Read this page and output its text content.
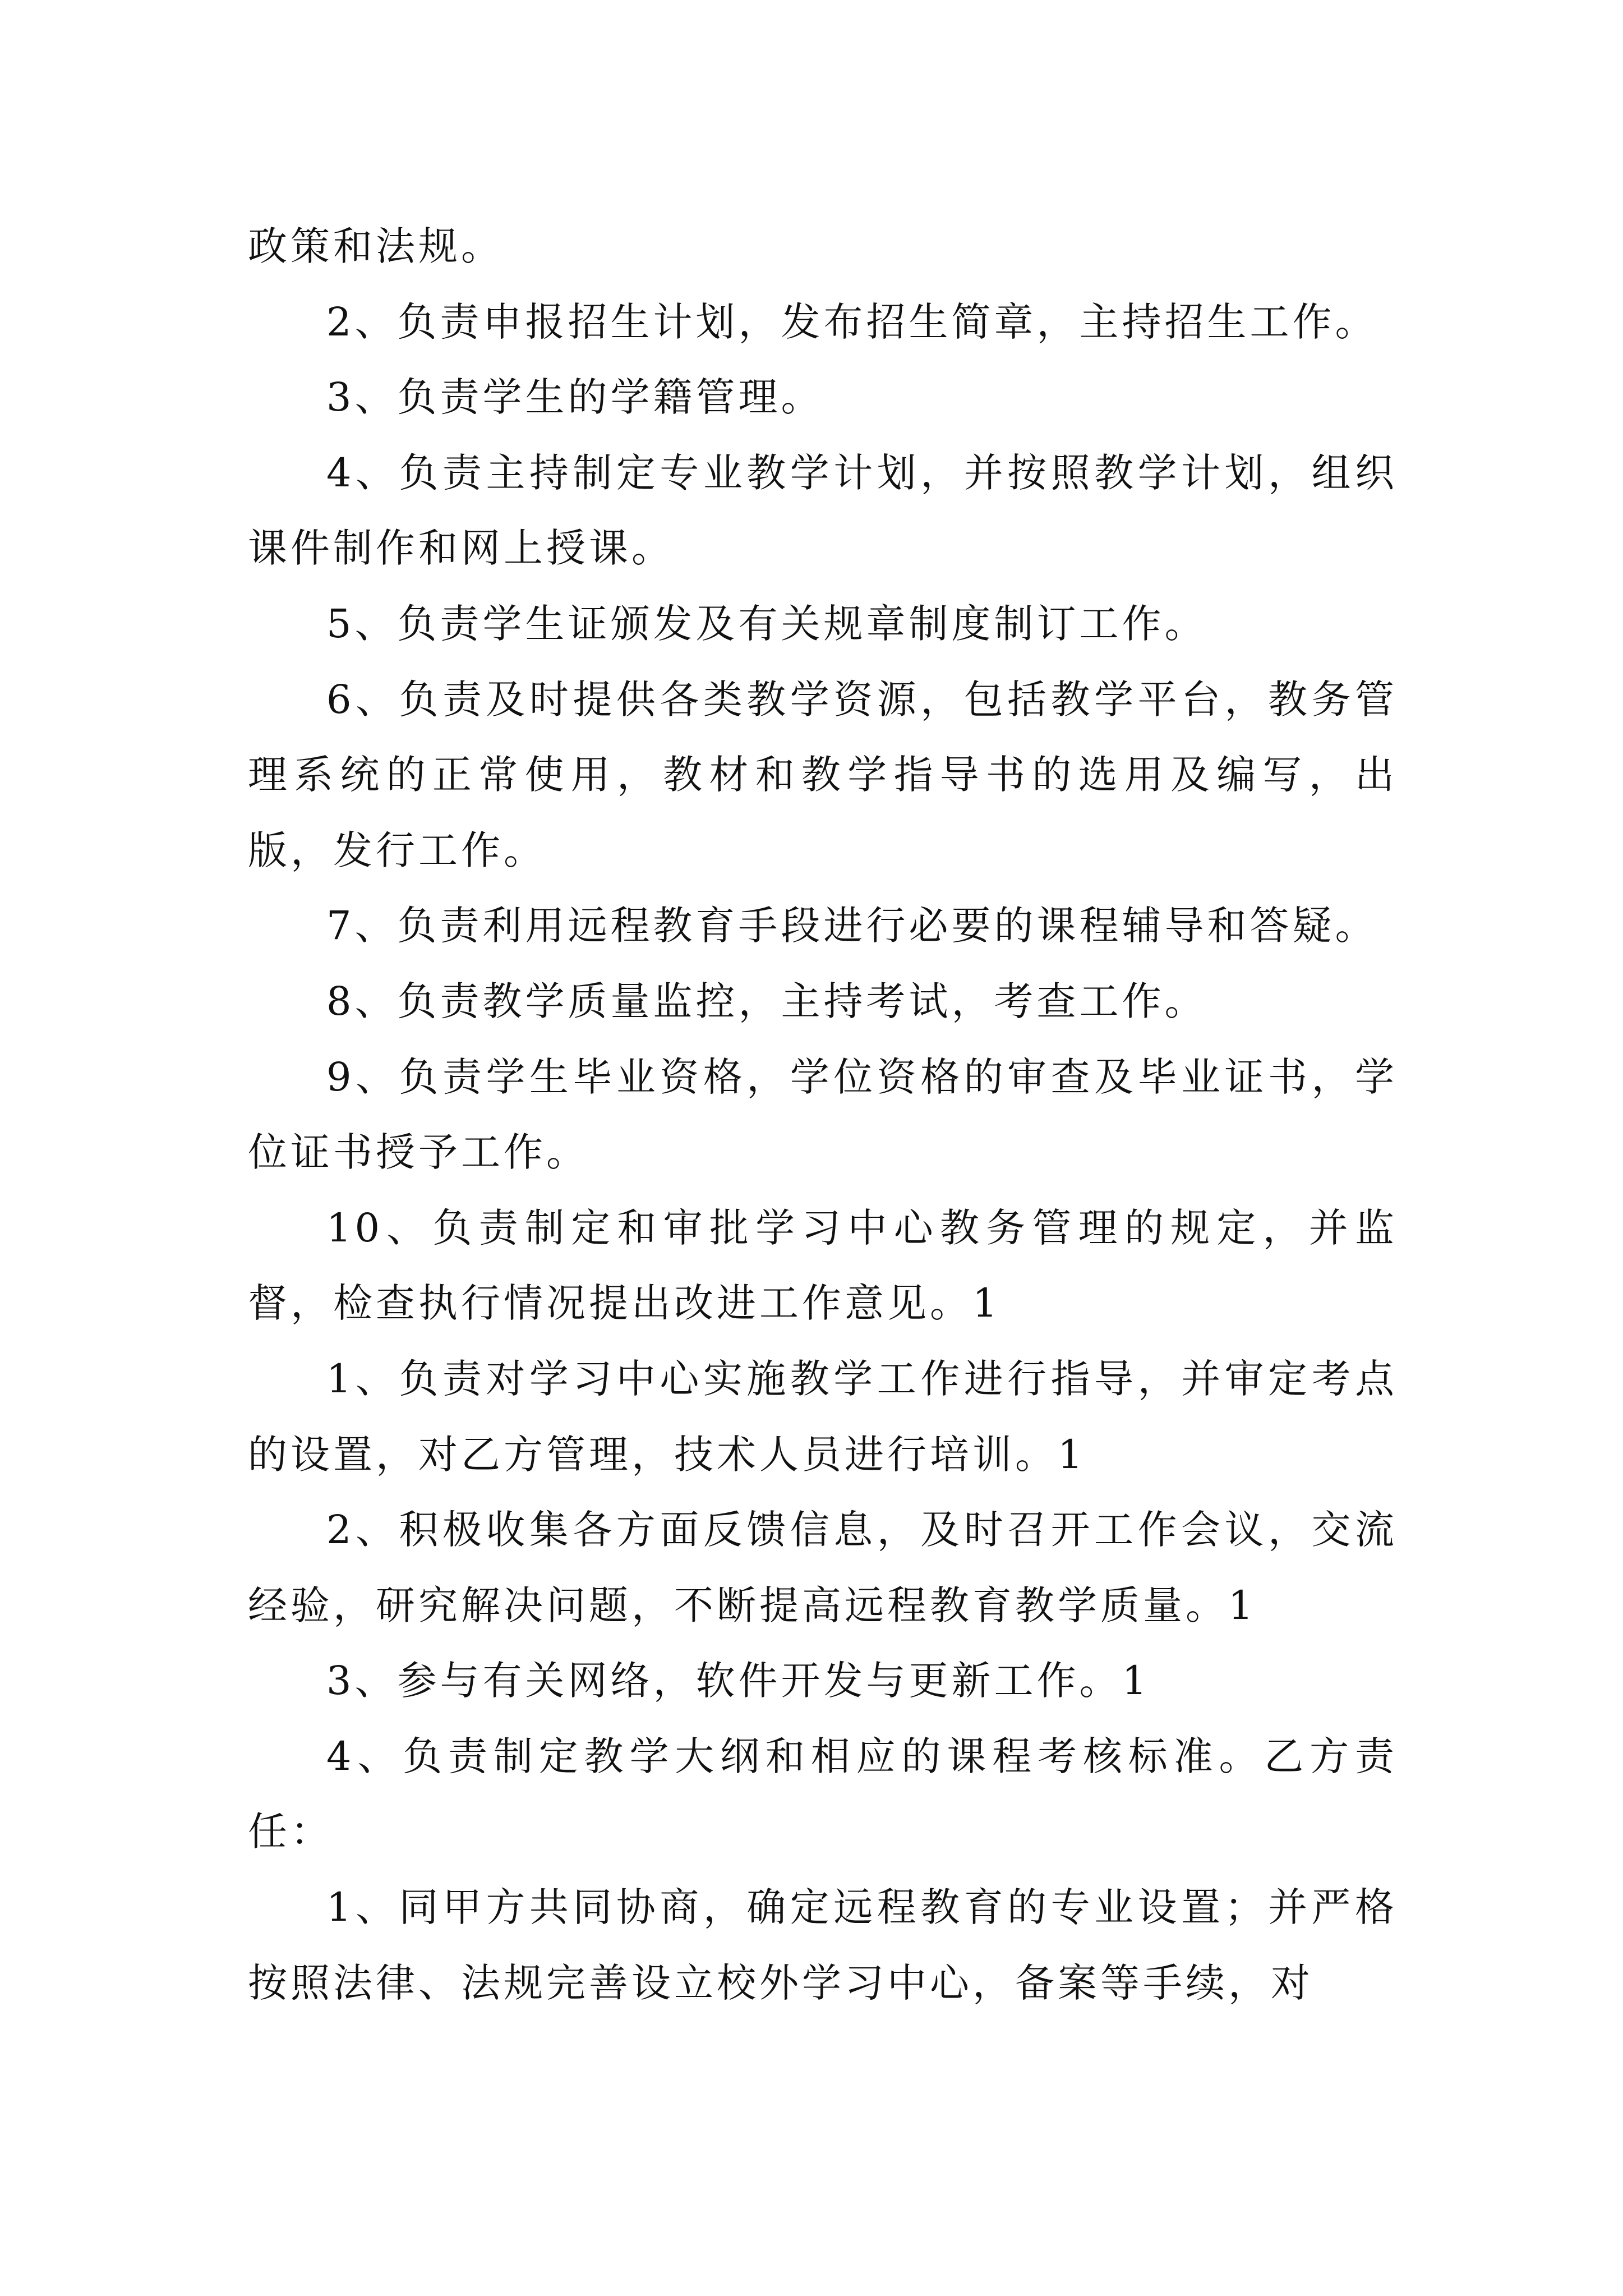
政策和法规。

2、负责申报招生计划，发布招生简章，主持招生工作。

3、负责学生的学籍管理。

4、负责主持制定专业教学计划，并按照教学计划，组织课件制作和网上授课。

5、负责学生证颁发及有关规章制度制订工作。

6、负责及时提供各类教学资源，包括教学平台，教务管理系统的正常使用，教材和教学指导书的选用及编写，出版，发行工作。

7、负责利用远程教育手段进行必要的课程辅导和答疑。

8、负责教学质量监控，主持考试，考查工作。

9、负责学生毕业资格，学位资格的审查及毕业证书，学位证书授予工作。

10、负责制定和审批学习中心教务管理的规定，并监督，检查执行情况提出改进工作意见。1

1、负责对学习中心实施教学工作进行指导，并审定考点的设置，对乙方管理，技术人员进行培训。1

2、积极收集各方面反馈信息，及时召开工作会议，交流经验，研究解决问题，不断提高远程教育教学质量。1

3、参与有关网络，软件开发与更新工作。1

4、负责制定教学大纲和相应的课程考核标准。乙方责任：

1、同甲方共同协商，确定远程教育的专业设置；并严格按照法律、法规完善设立校外学习中心，备案等手续，对
